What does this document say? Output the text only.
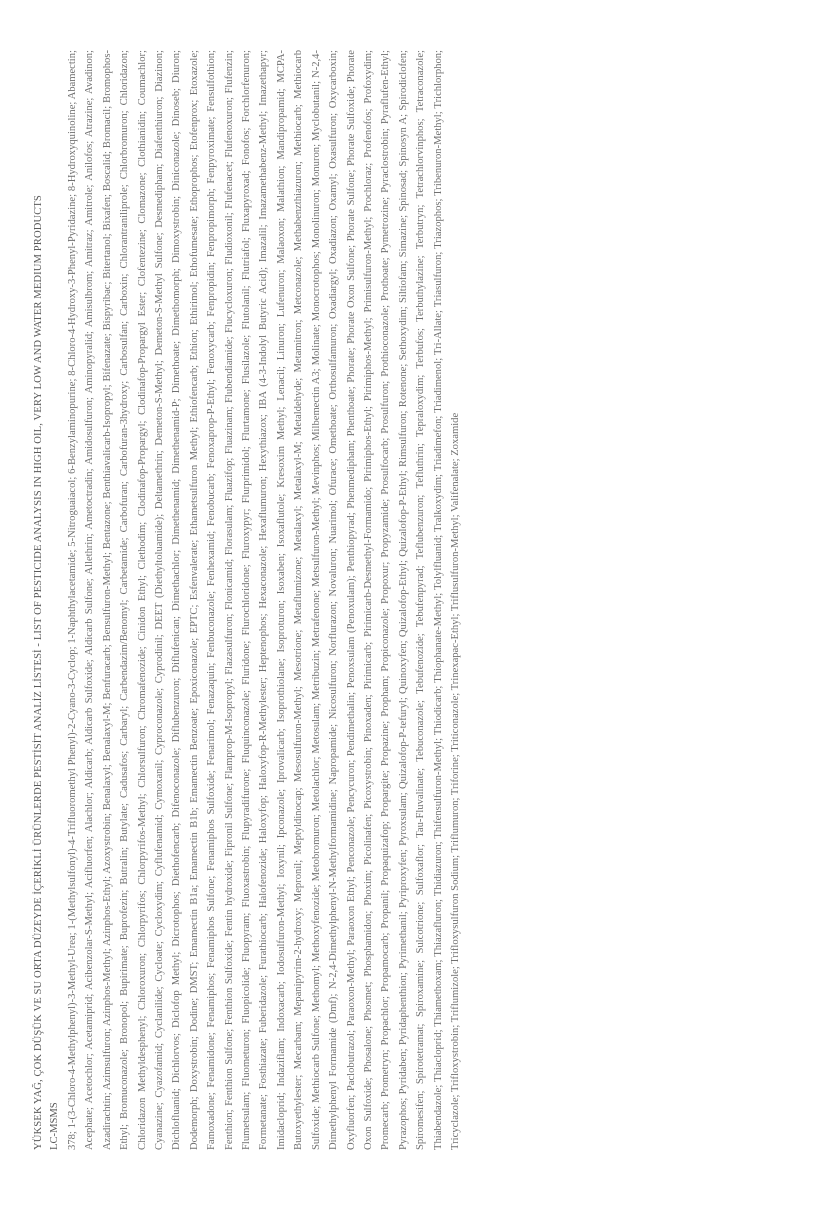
YÜKSEK YAĞ, ÇOK DÜŞÜK VE SU ORTA DÜZEYDE İÇERİKLİ ÜRÜNLERDE PESTİSİT ANALİZ LİSTESİ - LIST OF PESTICIDE ANALYSIS IN HIGH OIL, VERY LOW AND WATER MEDIUM PRODUCTS LC-MSMS 378; 1-(3-Chloro-4-Methylphenyl)-3-Methyl-Urea; 1-(Methylsulfonyl)-4-Trifluoromethyl Phenyl)-2-Cyano-3-Cyclop; 1-Naphthylacetamide; 5-Nitroguaiacol; 6-Benzylaminopurine; 8-Chloro-4-Hydroxy-3-Phenyl-Pyridazine; 8-Hydroxyquinoline; Abamectin; Acephate; Acetochlor; Acetamiprid; Acibenzolar-S-Methyl; Acifluorfen; Alachlor; Aldicarb; Aldicarb Sulfoxide; Aldicarb Sulfone; Allethrin; Ametoctradin; Amidosulfuron; Aminopyralid; Amisulbrom; Amitraz; Amitrole; Anilofos; Atrazine; Avadinon; Azadirachtin; Azimsulfuron; Azinphos-Methyl; Azinphos-Ethyl; Azoxystrobin; Benalaxyl; Benalaxyl-M; Benfuracarb; Bensulfuron-Methyl; Bentazone; Benthiavalicarb-Isopropyl; Bifenazate; Bispyribac; Bitertanol; Bixafen; Boscalid; Bromacil; Bromophos-Ethyl; Bromuconazole; Bronopol; Bupirimate; Buprofezin; Butralin; Butylate; Cadusafos; Carbaryl; Carbendazim/Benomyl; Carbetamide; Carbofuran; Carbofuran-3hydroxy; Carbosulfan; Carboxin; Chlorantraniliprole; Chlorbromuron; Chloridazon; Chloridazon Methyldesphenyl; Chloroxuron; Chlorpyrifos; Chlorpyrifos-Methyl; Chlorsulfuron; Chromafenozide; Cinidon Ethyl; Clethodim; Clodinafop-Propargyl; Clodinafop-Propargyl Ester; Clofentezine; Clomazone; Clothianidin; Coumachlor; Cyanazine; Cyazofamid; Cyclanilide; Cycloate; Cycloxydim; Cyflufenamid; Cymoxanil; Cyproconazole; Cyprodinil; DEET (Diethyltoluamide); Deltamethrin; Demeton-S-Methyl; Demeton-S-Methyl Sulfone; Desmedipham; Diafenthiuron; Diazinon; Dichlofluanid; Dichlorvos; Diclofop Methyl; Dicrotophos; Diethofencarb; Difenoconazole; Diflubenzuron; Diflufenican; Dimethachlor; Dimethenamid; Dimethenamid-P; Dimethoate; Dimethomorph; Dimoxystrobin; Diniconazole; Dinoseb; Diuron; Dodemorph; Doxystrobin; Dodine; DMST; Emamectin B1a; Emamectin B1b; Emamectin Benzoate; Epoxiconazole; EPTC; Esfenvalerate; Ethametsulfuron Methyl; Ethiofencarb; Ethion; Ethirimol; Ethofumesate; Ethoprophos; Etofenprox; Etoxazole; Famoxadone; Fenamidone; Fenamiphos; Fenamiphos Sulfone; Fenamiphos Sulfoxide; Fenarimol; Fenazaquin; Fenbuconazole; Fenhexamid; Fenobucarb; Fenoxaprop-P-Ethyl; Fenoxycarb; Fenpropidin; Fenpropimorph; Fenpyroximate; Fensulfothion; Fenthion; Fenthion Sulfone; Fenthion Sulfoxide; Fentin hydroxide; Fipronil Sulfone; Flamprop-M-Isopropyl; Flazasulfuron; Flonicamid; Florasulam; Fluazifop; Fluazinam; Flubendiamide; Flucycloxuron; Fludioxonil; Flufenacet; Flufenoxuron; Flufenzin; Flumetsulam; Fluometuron; Fluopicolide; Fluopyram; Fluoxastrobin; Flupyradifurone; Fluquinconazole; Fluridone; Flurochloridone; Fluroxypyr; Flurprimidol; Flurtamone; Flusilazole; Flutolanil; Flutriafol; Fluxapyroxad; Fonofos; Forchlorfenuron; Formetanate; Fosthiazate; Fuberidazole; Furathiocarb; Halofenozide; Haloxyfop; Haloxyfop-R-Methylester; Heptenophos; Hexaconazole; Hexaflumuron; Hexythiazox; IBA (4-3-Indolyl Butyric Acid); Imazalil; Imazamethabenz-Methyl; Imazethapyr; Imidacloprid; Indaziflam; Indoxacarb; Iodosulfuron-Methyl; Ioxynil; Ipconazole; Iprovalicarb; Isoprothiolane; Isoproturon; Isoxaben; Isoxaflutole; Kresoxim Methyl; Lenacil; Linuron; Lufenuron; Malaoxon; Malathion; Mandipropamid; MCPA-Butoxyethylester; Mecarbam; Mepanipyrim-2-hydroxy; Mepronil; Meptyldinocap; Mesosulfuron-Methyl; Mesotrione; Metaflumizone; Metalaxyl; Metalaxyl-M; Metaldehyde; Metamitron; Metconazole; Methabenzthiazuron; Methiocarb; Methiocarb Sulfoxide; Methiocarb Sulfone; Methomyl; Methoxyfenozide; Metobromuron; Metolachlor; Metosulam; Metribuzin; Metrafenone; Metsulfuron-Methyl; Mevinphos; Milbemectin A3; Molinate; Monocrotophos; Monolinuron; Monuron; Myclobutanil; N-2,4-Dimethylphenyl Formamide (Dmf); N-2,4-Dimethylphenyl-N-Methylformamidine; Napropamide; Nicosulfuron; Norflurazon; Novaluron; Nuarimol; Ofurace; Omethoate; Orthosulfamuron; Oxadiargyl; Oxadiazon; Oxamyl; Oxasulfuron; Oxycarboxin; Oxyfluorfen; Paclobutrazol; Paraoxon-Methyl; Paraoxon Ethyl; Penconazole; Pencycuron; Pendimethalin; Penoxsulam (Penoxulam); Penthiopyrad; Phenmedipham; Phenthoate; Phorate; Phorate Oxon Sulfone; Phorate Sulfone; Phorate Sulfoxide; Phorate Oxon Sulfoxide; Phosalone; Phosmet; Phosphamidon; Phoxim; Picolinafen; Picoxystrobin; Pinoxaden; Pirimicarb; Pirimicarb-Desmethyl-Formamido; Pirimiphos-Ethyl; Pirimiphos-Methyl; Primisulfuron-Methyl; Prochloraz; Profenofos; Profoxydim; Promecarb; Prometryn; Propachlor; Propamocarb; Propanil; Propaquizafop; Propargite; Propazine; Propham; Propiconazole; Propoxur; Propyzamide; Prosulfocarb; Prosulfuron; Prothioconazole; Prothoate; Pymetrozine; Pyraclostrobin; Pyraflufen-Ethyl; Pyrazophos; Pyridaben; Pyridaphenthion; Pyrimethanil; Pyriproxyfen; Pyroxsulam; Quizalofop-P-tefuryl; Quinoxyfen; Quizalofop-Ethyl; Quizalofop-P-Ethyl; Rimsulfuron; Rotenone; Sethoxydim; Siltiofam; Simazine; Spinosad; Spinosyn A; Spirodiclofen; Spiromesifen; Spirotetramat; Spiroxamine; Sulcotrione; Sulfoxaflor; Tau-Fluvalinate; Tebuconazole; Tebufenozide; Tebufenpyrad; Teflubenzuron; Tefluthrin; Tepraloxydim; Terbufos; Terbuthylazine; Terbutryn; Tetrachlorvinphos; Tetraconazole; Thiabendazole; Thiacloprid; Thiamethoxam; Thiazafluron; Thidiazuron; Thifensulfuron-Methyl; Thiodicarb; Thiophanate-Methyl; Tolylfluanid; Tralkoxydim; Triadimefon; Triadimenol; Tri-Allate; Triasulfuron; Triazophos; Tribenuron-Methyl; Trichlorphon; Tricyclazole; Trifloxystrobin; Triflumizole; Trifloxysulfuron Sodium; Triflumuron; Triforine; Triticonazole; Trinexapac-Ethyl; Triflusulfuron-Methyl; Valifenalate; Zoxamide
